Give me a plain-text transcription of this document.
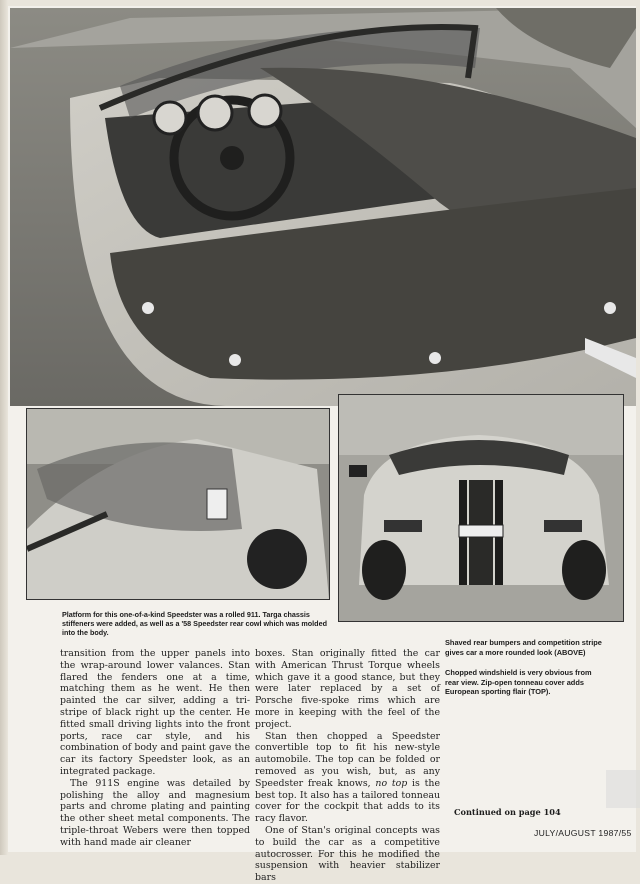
Platform for this one-of-a-kind Speedster was a rolled 911. Targa chassis stiffeners were added, as well as a '58 Speedster rear cowl which was molded into the body.

Shaved rear bumpers and competition stripe gives car a more rounded look (ABOVE)

Chopped windshield is very obvious from rear view. Zip-open tonneau cover adds European sporting flair (TOP).

transition from the upper panels into the wrap-around lower valances. Stan flared the fenders one at a time, matching them as he went. He then painted the car silver, adding a tri-stripe of black right up the center. He fitted small driving lights into the front ports, race car style, and his combination of body and paint gave the car its factory Speedster look, as an integrated package.

The 911S engine was detailed by polishing the alloy and magnesium parts and chrome plating and painting the other sheet metal components. The triple-throat Webers were then topped with hand made air cleaner

boxes. Stan originally fitted the car with American Thrust Torque wheels which gave it a good stance, but they were later replaced by a set of Porsche five-spoke rims which are more in keeping with the feel of the project.

Stan then chopped a Speedster convertible top to fit his new-style automobile. The top can be folded or removed as you wish, but, as any Speedster freak knows, no top is the best top. It also has a tailored tonneau cover for the cockpit that adds to its racy flavor.

One of Stan's original concepts was to build the car as a competitive autocrosser. For this he modified the suspension with heavier stabilizer bars

Continued on page 104
JULY/AUGUST 1987/55
